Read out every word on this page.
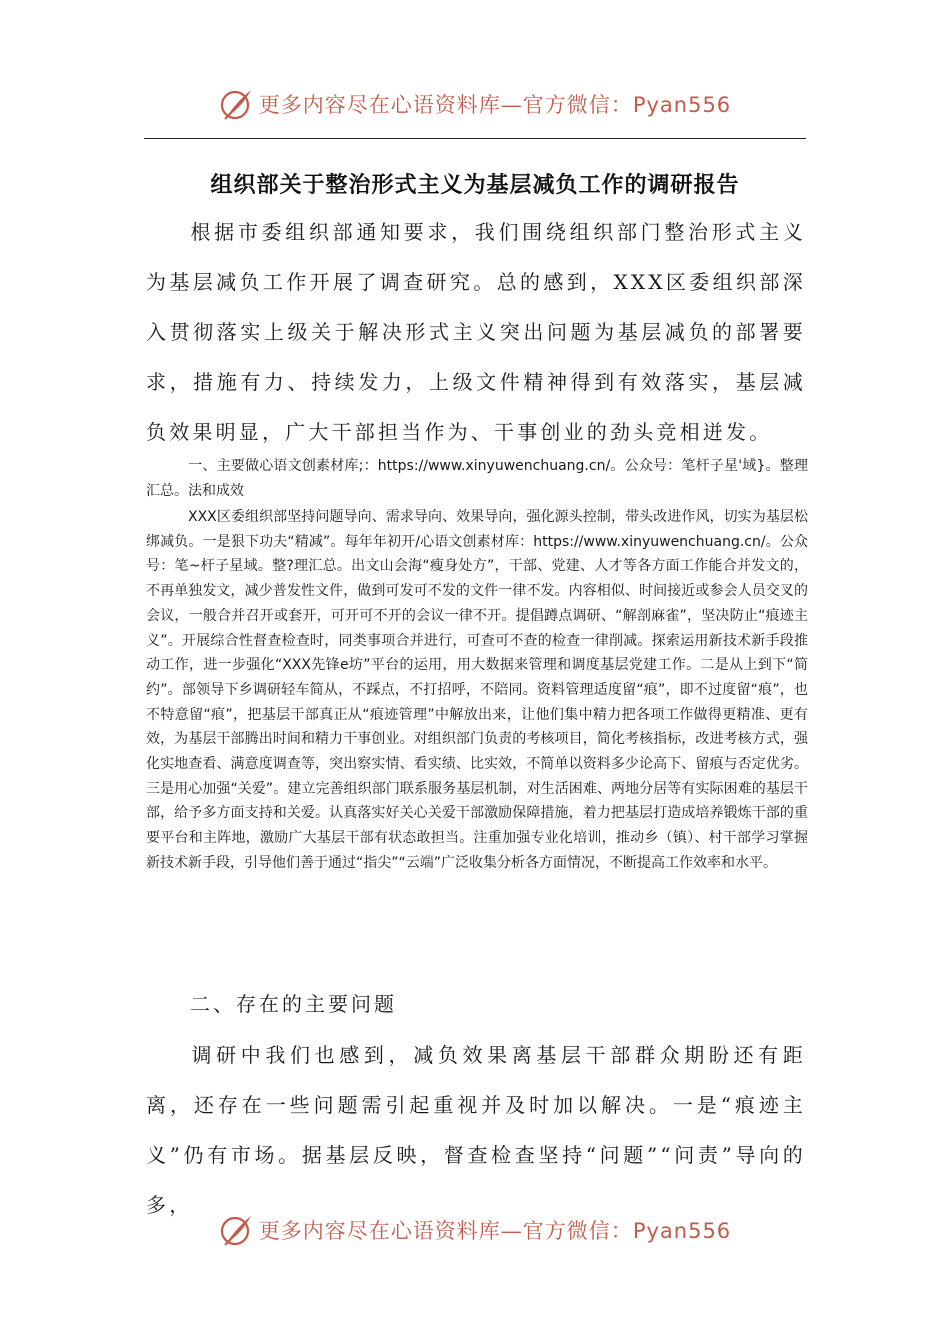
更多内容尽在心语资料库—官方微信：Pyan556
组织部关于整治形式主义为基层减负工作的调研报告
根据市委组织部通知要求，我们围绕组织部门整治形式主义为基层减负工作开展了调查研究。总的感到，XXX区委组织部深入贯彻落实上级关于解决形式主义突出问题为基层减负的部署要求，措施有力、持续发力，上级文件精神得到有效落实，基层减负效果明显，广大干部担当作为、干事创业的劲头竞相迸发。
一、主要做心语文创素材库;：https://www.xinyuwenchuang.cn/。公众号：笔杆子星'域}。整理汇总。法和成效
XXX区委组织部坚持问题导向、需求导向、效果导向，强化源头控制，带头改进作风，切实为基层松绑减负。一是狠下功夫“精减”。每年年初开/心语文创素材库：https://www.xinyuwenchuang.cn/。公众号：笔~杆子星域。整?理汇总。出文山会海“瘦身处方”，干部、党建、人才等各方面工作能合并发文的，不再单独发文，减少普发性文件，做到可发可不发的文件一律不发。内容相似、时间接近或参会人员交叉的会议，一般合并召开或套开，可开可不开的会议一律不开。提倡蹲点调研、“解剖麻雀”，坚决防止“痕迹主义”。开展综合性督查检查时，同类事项合并进行，可查可不查的检查一律削减。探索运用新技术新手段推动工作，进一步强化“XXX先锋e坊”平台的运用，用大数据来管理和调度基层党建工作。二是从上到下“简约”。部领导下乡调研轻车简从，不踩点，不打招呼，不陪同。资料管理适度留“痕”，即不过度留“痕”，也不特意留“痕”，把基层干部真正从“痕迹管理”中解放出来，让他们集中精力把各项工作做得更精准、更有效，为基层干部腾出时间和精力干事创业。对组织部门负责的考核项目，简化考核指标，改进考核方式，强化实地查看、满意度调查等，突出察实情、看实绩、比实效，不简单以资料多少论高下、留痕与否定优劣。三是用心加强“关爱”。建立完善组织部门联系服务基层机制，对生活困难、两地分居等有实际困难的基层干部，给予多方面支持和关爱。认真落实好关心关爱干部激励保障措施，着力把基层打造成培养锻炼干部的重要平台和主阵地，激励广大基层干部有状态敢担当。注重加强专业化培训，推动乡（镇）、村干部学习掌握新技术新手段，引导他们善于通过“指尖”“云端”广泛收集分析各方面情况，不断提高工作效率和水平。
二、存在的主要问题
调研中我们也感到，减负效果离基层干部群众期盼还有距离，还存在一些问题需引起重视并及时加以解决。一是“痕迹主义”仍有市场。据基层反映，督查检查坚持“问题”“问责”导向的多，
更多内容尽在心语资料库—官方微信：Pyan556
